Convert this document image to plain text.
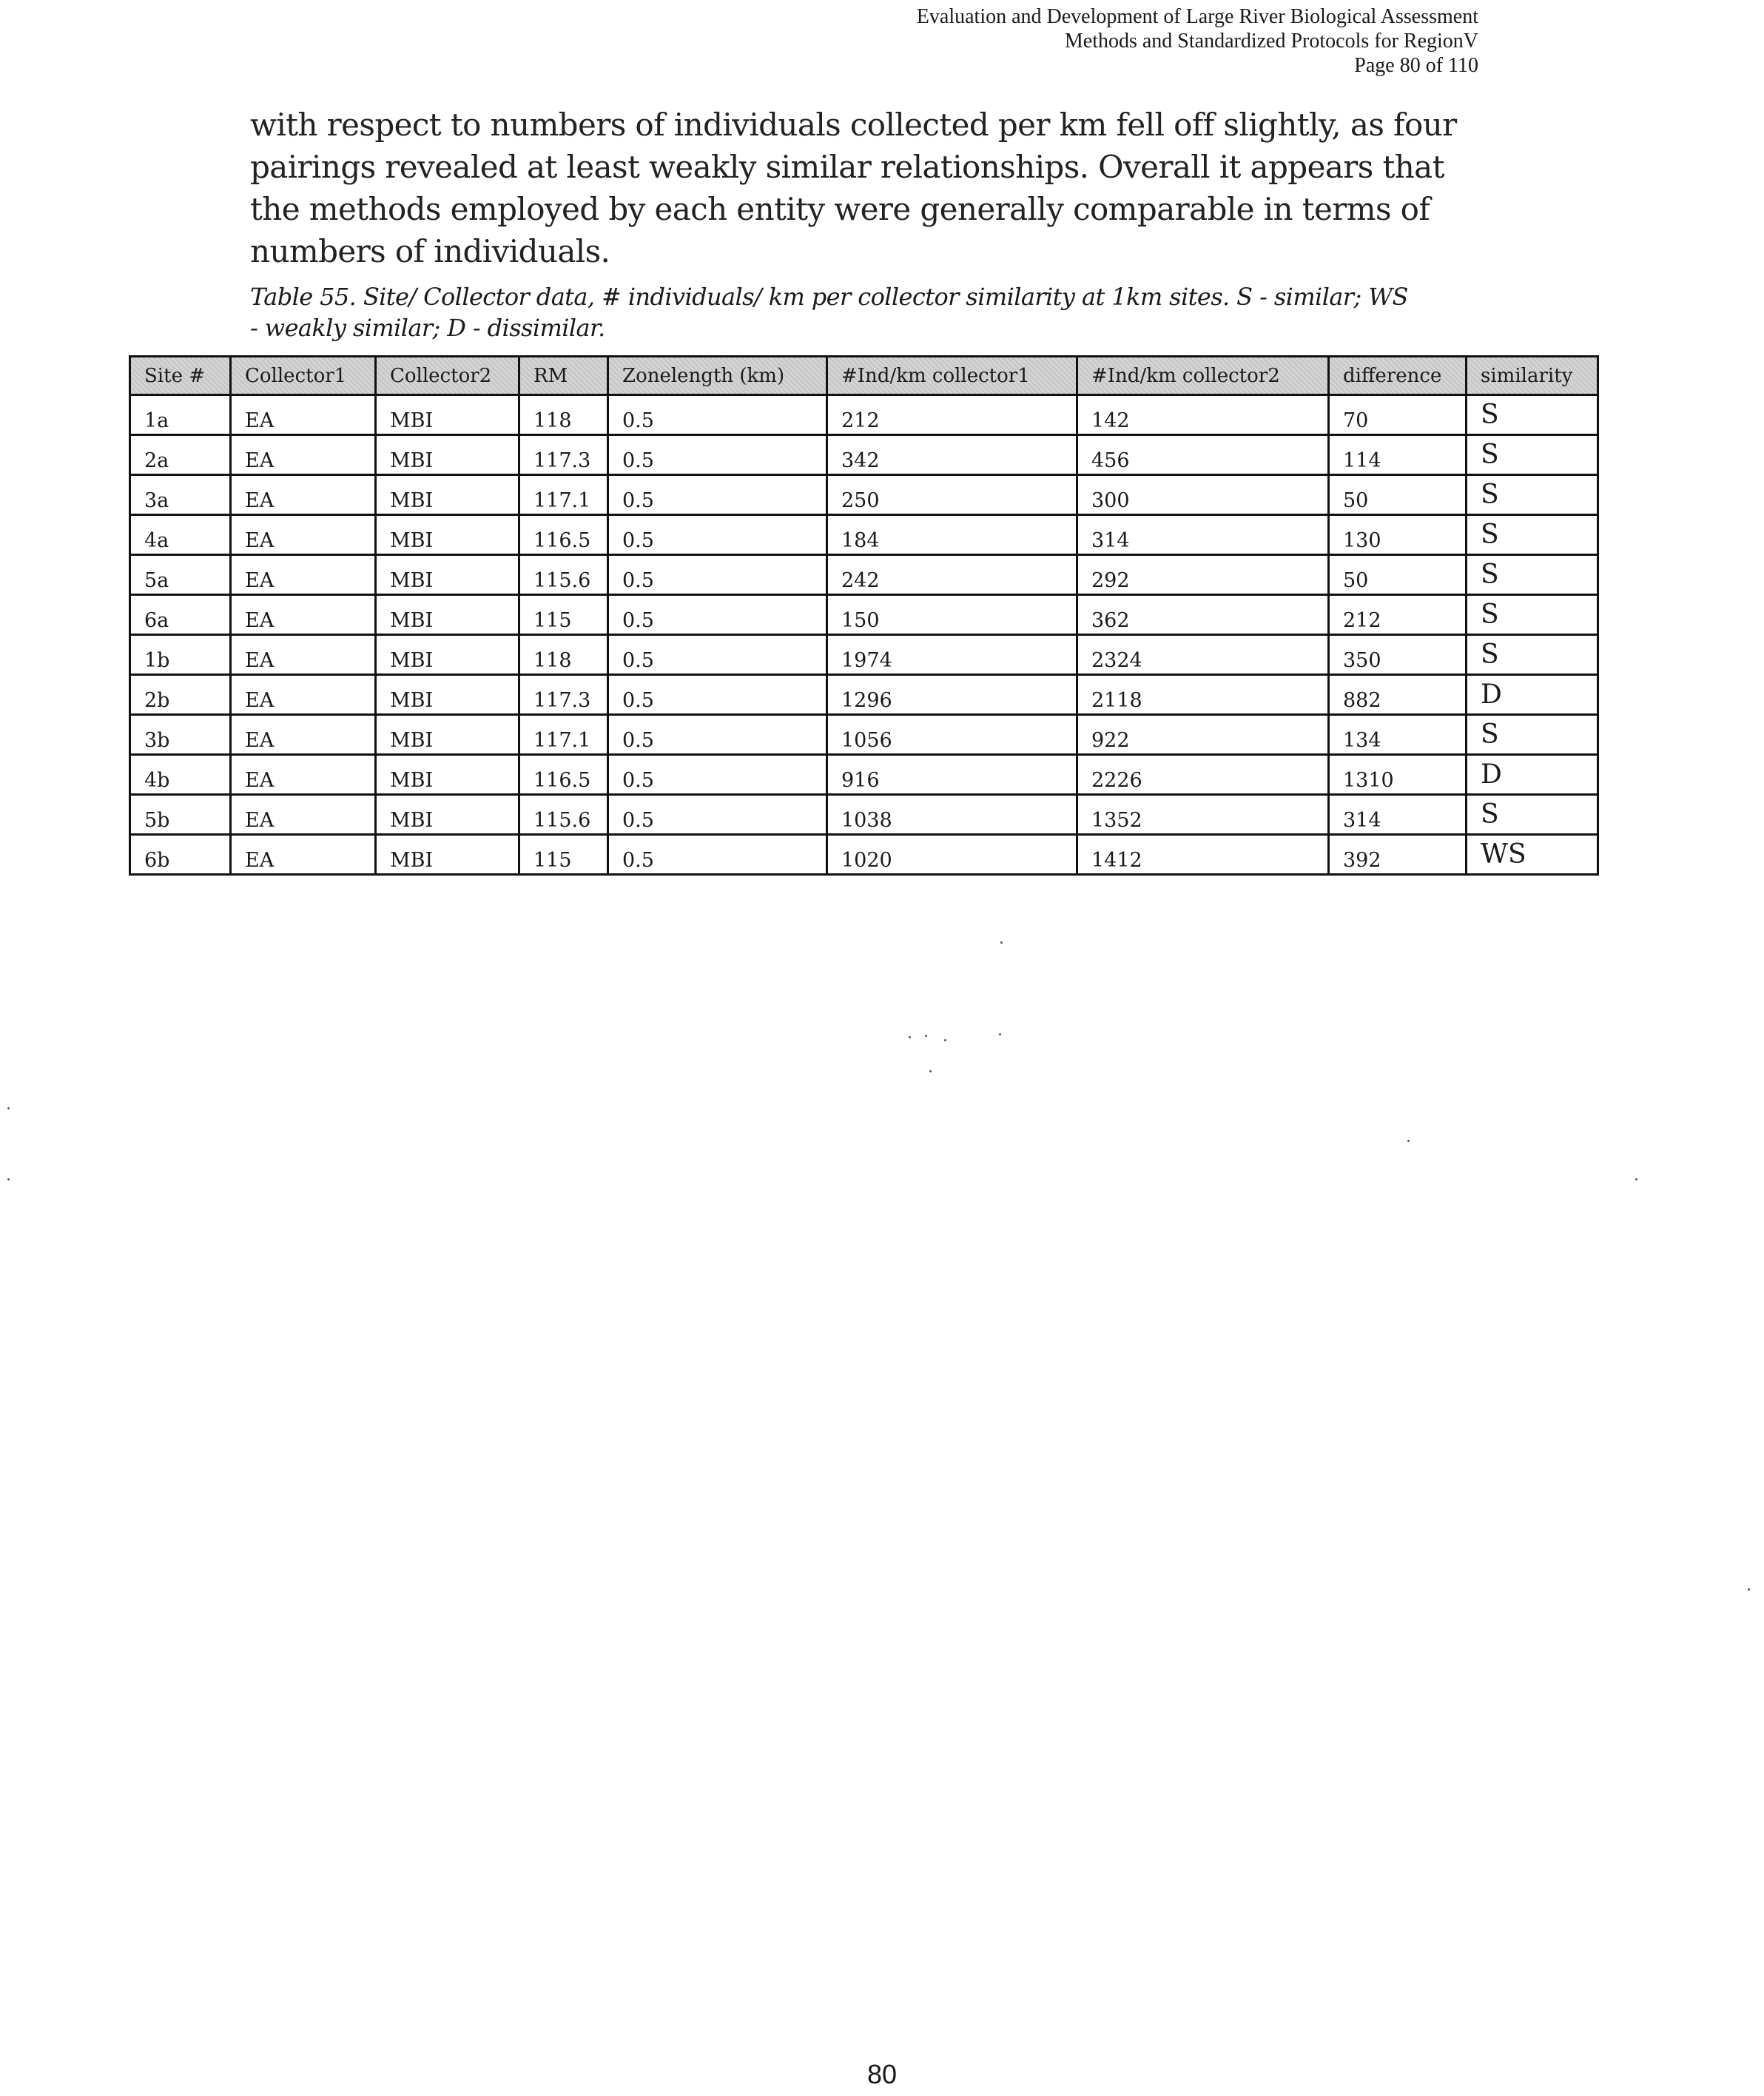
Evaluation and Development of Large River Biological Assessment
Methods and Standardized Protocols for RegionV
Page 80 of 110

with respect to numbers of individuals collected per km fell off slightly, as four pairings revealed at least weakly similar relationships. Overall it appears that the methods employed by each entity were generally comparable in terms of numbers of individuals.

Table 55. Site/ Collector data, # individuals/ km per collector similarity at 1km sites. S - similar; WS - weakly similar; D - dissimilar.

Site #	Collector1	Collector2	RM	Zonelength (km)	#Ind/km collector1	#Ind/km collector2	difference	similarity
1a	EA	MBI	118	0.5	212	142	70	S
2a	EA	MBI	117.3	0.5	342	456	114	S
3a	EA	MBI	117.1	0.5	250	300	50	S
4a	EA	MBI	116.5	0.5	184	314	130	S
5a	EA	MBI	115.6	0.5	242	292	50	S
6a	EA	MBI	115	0.5	150	362	212	S
1b	EA	MBI	118	0.5	1974	2324	350	S
2b	EA	MBI	117.3	0.5	1296	2118	882	D
3b	EA	MBI	117.1	0.5	1056	922	134	S
4b	EA	MBI	116.5	0.5	916	2226	1310	D
5b	EA	MBI	115.6	0.5	1038	1352	314	S
6b	EA	MBI	115	0.5	1020	1412	392	WS
80
